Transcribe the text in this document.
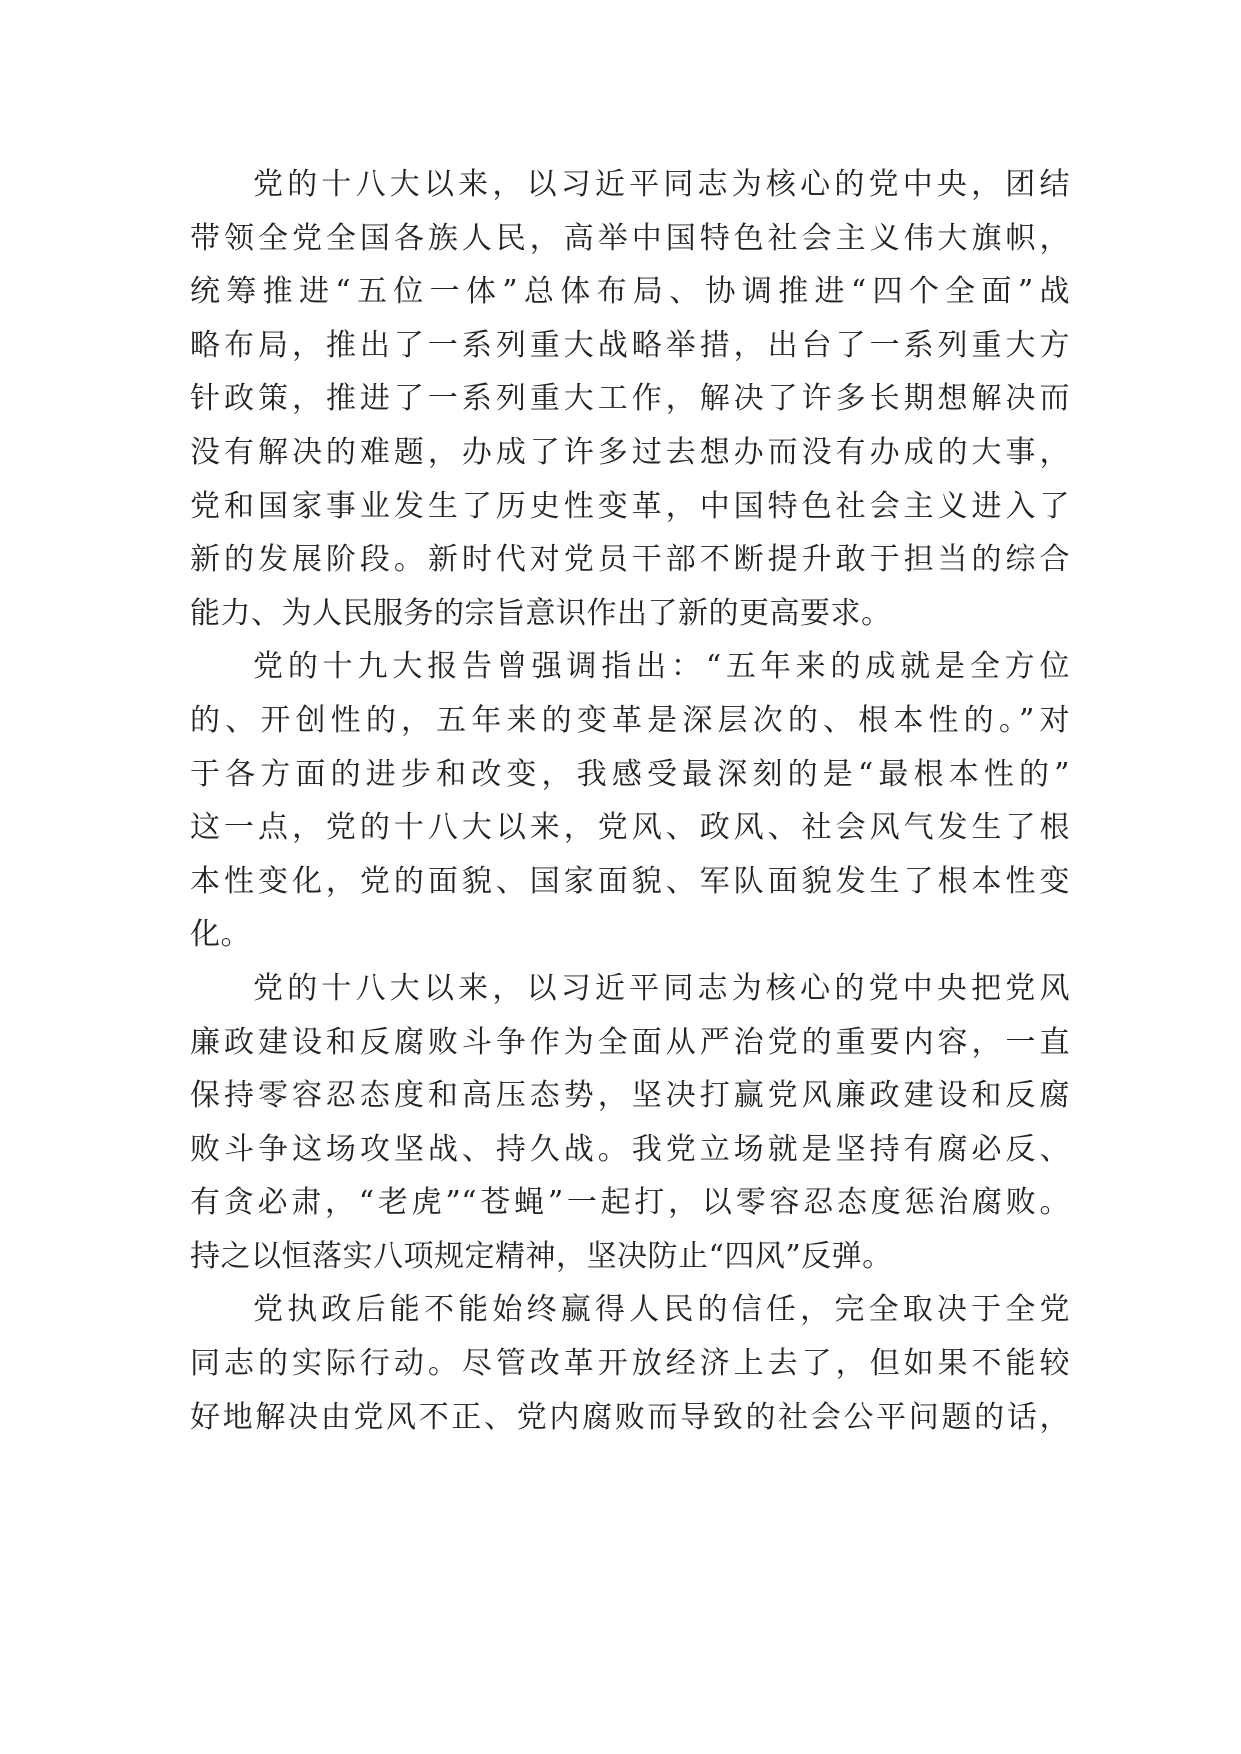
党的十八大以来，以习近平同志为核心的党中央，团结
带领全党全国各族人民，高举中国特色社会主义伟大旗帜，
统筹推进“五位一体”总体布局、协调推进“四个全面”战
略布局，推出了一系列重大战略举措，出台了一系列重大方
针政策，推进了一系列重大工作，解决了许多长期想解决而
没有解决的难题，办成了许多过去想办而没有办成的大事，
党和国家事业发生了历史性变革，中国特色社会主义进入了
新的发展阶段。新时代对党员干部不断提升敢于担当的综合
能力、为人民服务的宗旨意识作出了新的更高要求。
党的十九大报告曾强调指出：“五年来的成就是全方位
的、开创性的，五年来的变革是深层次的、根本性的。”对
于各方面的进步和改变，我感受最深刻的是“最根本性的”
这一点，党的十八大以来，党风、政风、社会风气发生了根
本性变化，党的面貌、国家面貌、军队面貌发生了根本性变
化。
党的十八大以来，以习近平同志为核心的党中央把党风
廉政建设和反腐败斗争作为全面从严治党的重要内容，一直
保持零容忍态度和高压态势，坚决打赢党风廉政建设和反腐
败斗争这场攻坚战、持久战。我党立场就是坚持有腐必反、
有贪必肃，“老虎”“苍蝇”一起打，以零容忍态度惩治腐败。
持之以恒落实八项规定精神，坚决防止“四风”反弹。
党执政后能不能始终赢得人民的信任，完全取决于全党
同志的实际行动。尽管改革开放经济上去了，但如果不能较
好地解决由党风不正、党内腐败而导致的社会公平问题的话，
